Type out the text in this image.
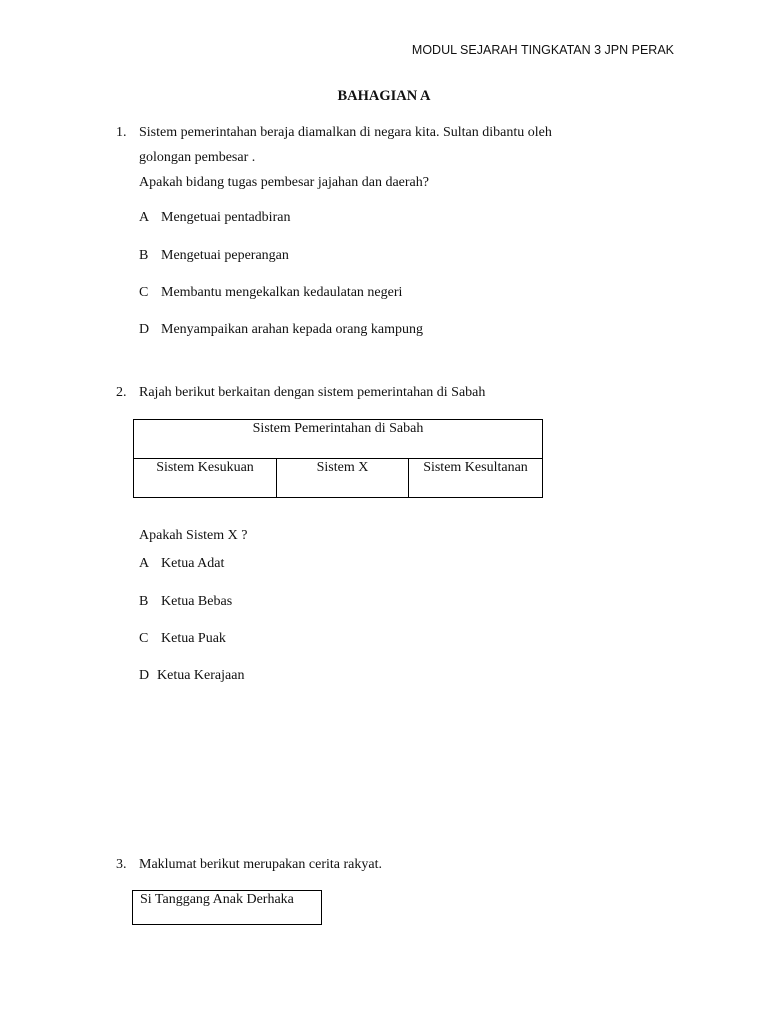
MODUL SEJARAH TINGKATAN 3 JPN PERAK
BAHAGIAN A
1. Sistem pemerintahan beraja diamalkan di negara kita. Sultan dibantu oleh
golongan pembesar .
Apakah bidang tugas pembesar jajahan dan daerah?
A Mengetuai pentadbiran
B Mengetuai peperangan
C Membantu mengekalkan kedaulatan negeri
D Menyampaikan arahan kepada orang kampung
2. Rajah berikut berkaitan dengan sistem pemerintahan di Sabah
Sistem Pemerintahan di Sabah
Sistem Kesukuan	Sistem X	Sistem Kesultanan
Apakah Sistem X ?
A Ketua Adat
B Ketua Bebas
C Ketua Puak
D Ketua Kerajaan
3. Maklumat berikut merupakan cerita rakyat.
Si Tanggang Anak Derhaka
